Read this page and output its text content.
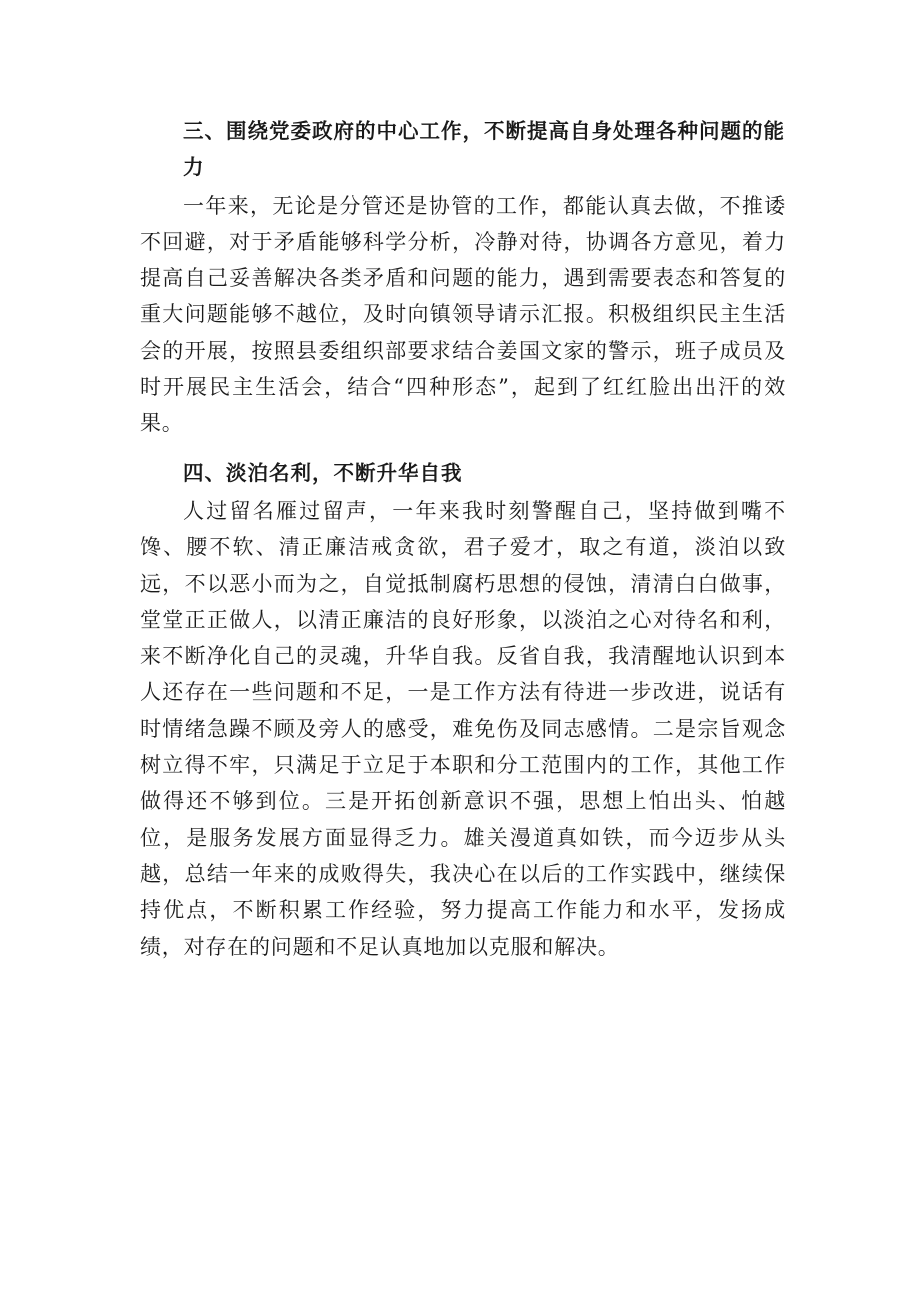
三、围绕党委政府的中心工作，不断提高自身处理各种问题的能力

一年来，无论是分管还是协管的工作，都能认真去做，不推诿不回避，对于矛盾能够科学分析，冷静对待，协调各方意见，着力提高自己妥善解决各类矛盾和问题的能力，遇到需要表态和答复的重大问题能够不越位，及时向镇领导请示汇报。积极组织民主生活会的开展，按照县委组织部要求结合姜国文家的警示，班子成员及时开展民主生活会，结合“四种形态”，起到了红红脸出出汗的效果。

四、淡泊名利，不断升华自我

人过留名雁过留声，一年来我时刻警醒自己，坚持做到嘴不馋、腰不软、清正廉洁戒贪欲，君子爱才，取之有道，淡泊以致远，不以恶小而为之，自觉抵制腐朽思想的侵蚀，清清白白做事，堂堂正正做人，以清正廉洁的良好形象，以淡泊之心对待名和利，来不断净化自己的灵魂，升华自我。反省自我，我清醒地认识到本人还存在一些问题和不足，一是工作方法有待进一步改进，说话有时情绪急躁不顾及旁人的感受，难免伤及同志感情。二是宗旨观念树立得不牢，只满足于立足于本职和分工范围内的工作，其他工作做得还不够到位。三是开拓创新意识不强，思想上怕出头、怕越位，是服务发展方面显得乏力。雄关漫道真如铁，而今迈步从头越，总结一年来的成败得失，我决心在以后的工作实践中，继续保持优点，不断积累工作经验，努力提高工作能力和水平，发扬成绩，对存在的问题和不足认真地加以克服和解决。
